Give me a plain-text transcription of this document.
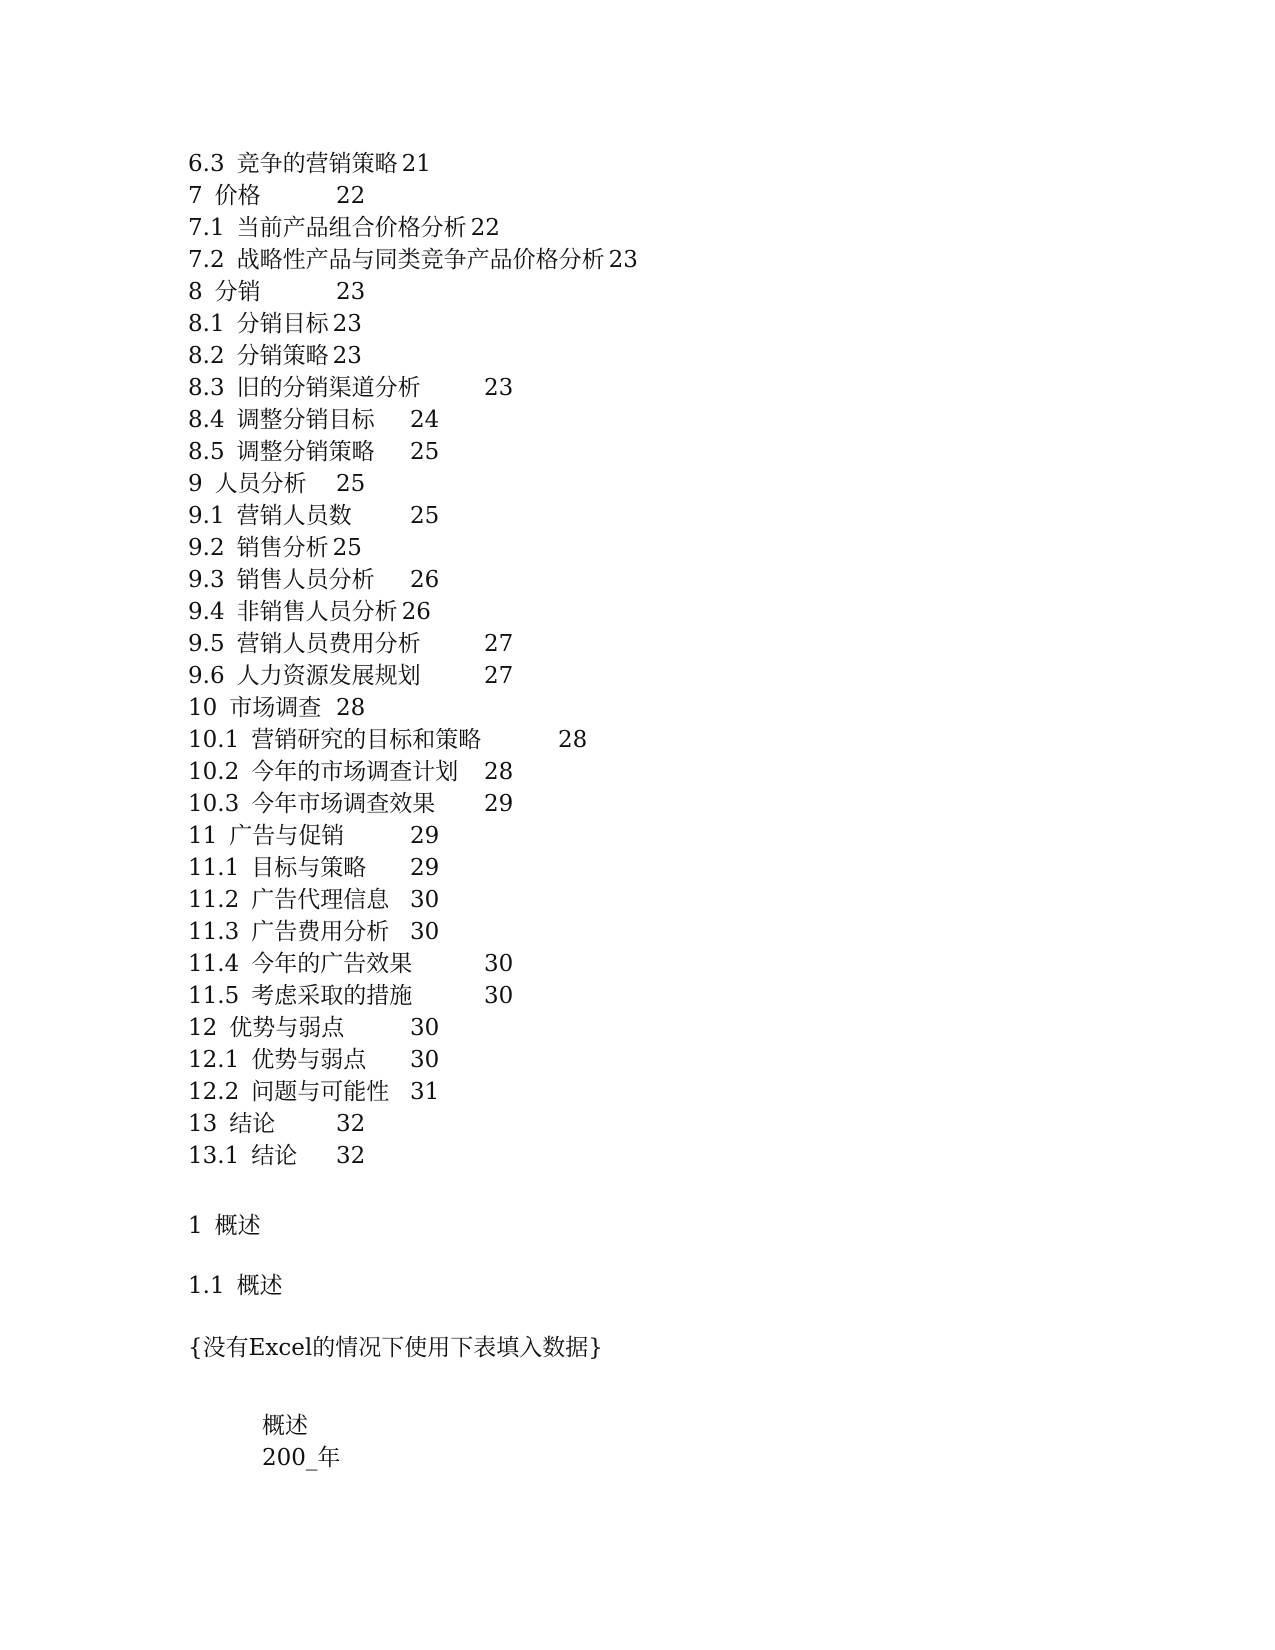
6.3 竞争的营销策略 21
7 价格	22
7.1 当前产品组合价格分析 22
7.2 战略性产品与同类竞争产品价格分析 23
8 分销	23
8.1 分销目标 23
8.2 分销策略 23
8.3 旧的分销渠道分析	23
8.4 调整分销目标 24
8.5 调整分销策略 25
9 人员分析 25
9.1 营销人员数	25
9.2 销售分析 25
9.3 销售人员分析 26
9.4 非销售人员分析 26
9.5 营销人员费用分析	27
9.6 人力资源发展规划	27
10 市场调查 28
10.1 营销研究的目标和策略	28
10.2 今年的市场调查计划 28
10.3 今年市场调查效果 29
11 广告与促销	29
11.1 目标与策略 29
11.2 广告代理信息 30
11.3 广告费用分析 30
11.4 今年的广告效果	30
11.5 考虑采取的措施	30
12 优势与弱点	30
12.1 优势与弱点 30
12.2 问题与可能性 31
13 结论	32
13.1 结论 32
1 概述
1.1 概述
{没有Excel的情况下使用下表填入数据}
概述
200_年
